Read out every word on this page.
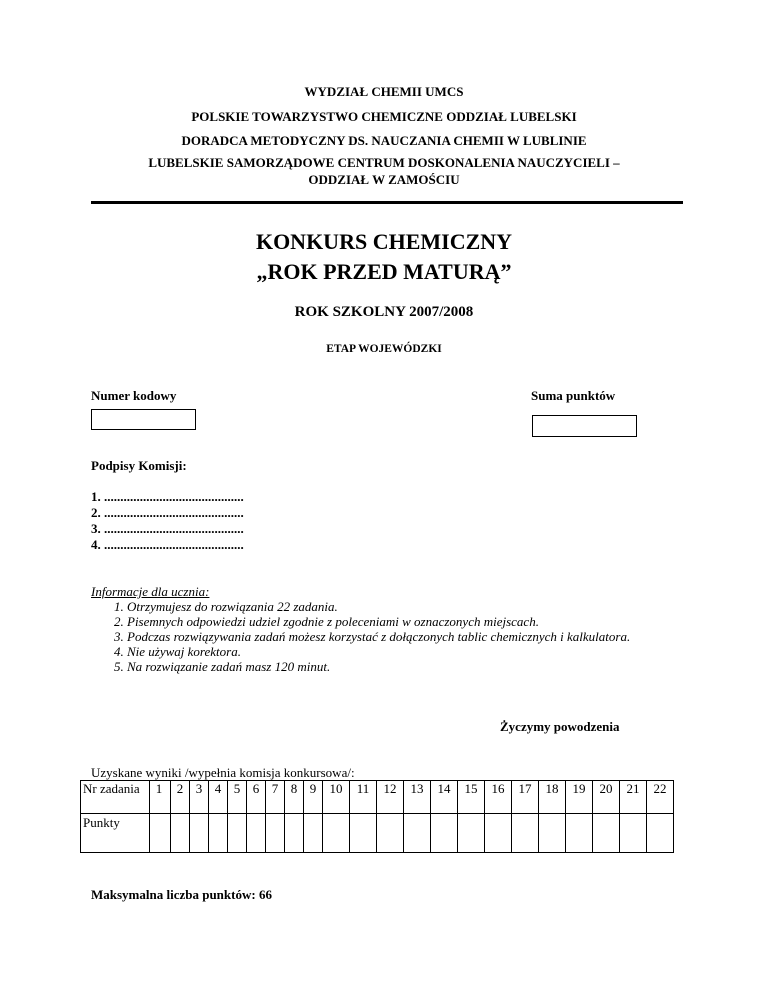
WYDZIAŁ CHEMII UMCS
POLSKIE TOWARZYSTWO CHEMICZNE ODDZIAŁ LUBELSKI
DORADCA METODYCZNY DS. NAUCZANIA CHEMII W LUBLINIE
LUBELSKIE SAMORZĄDOWE CENTRUM DOSKONALENIA NAUCZYCIELI –
ODDZIAŁ W ZAMOŚCIU
KONKURS CHEMICZNY
„ROK PRZED MATURĄ”
ROK SZKOLNY 2007/2008
ETAP WOJEWÓDZKI
Numer kodowy	Suma punktów
Podpisy Komisji:
1. ...........................................
2. ...........................................
3. ...........................................
4. ...........................................
Informacje dla ucznia:
1. Otrzymujesz do rozwiązania 22 zadania.
2. Pisemnych odpowiedzi udziel zgodnie z poleceniami w oznaczonych miejscach.
3. Podczas rozwiązywania zadań możesz korzystać z dołączonych tablic chemicznych i kalkulatora.
4. Nie używaj korektora.
5. Na rozwiązanie zadań masz 120 minut.
Życzymy powodzenia
Uzyskane wyniki /wypełnia komisja konkursowa/:
Nr zadania	1	2	3	4	5	6	7	8	9	10	11	12	13	14	15	16	17	18	19	20	21	22
Punkty																						
Maksymalna liczba punktów: 66
